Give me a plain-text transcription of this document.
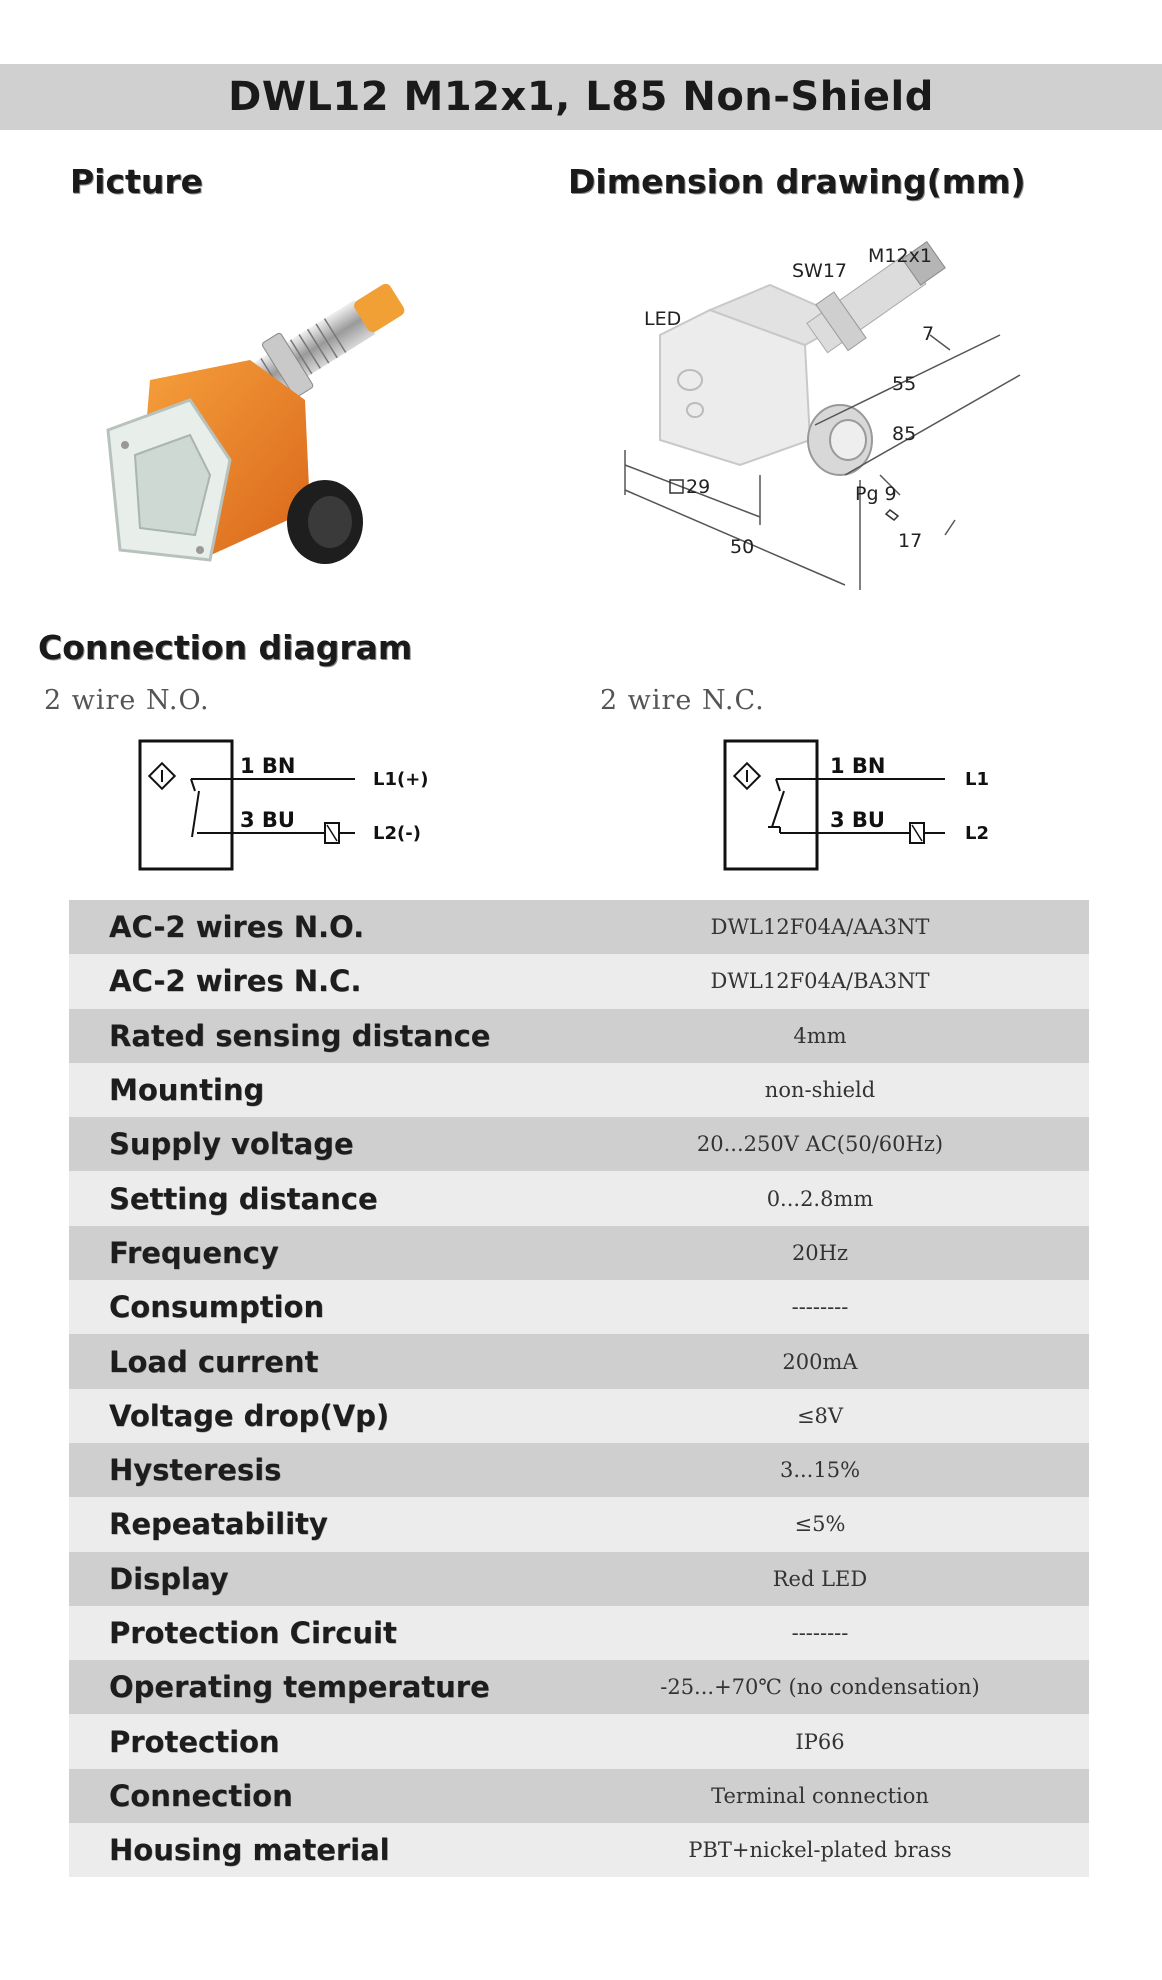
DWL12 M12x1, L85 Non-Shield
Picture	Dimension drawing(mm)
SW17
M12x1
LED
7
55
85
29	Pg 9
17
50
Connection diagram
2 wire N.O.	2 wire N.C.
1 BN
3 BU
L1(+)
L2(-)
1 BN
3 BU
L1
L2
AC-2 wires N.O.	DWL12F04A/AA3NT
AC-2 wires N.C.	DWL12F04A/BA3NT
Rated sensing distance	4mm
Mounting	non-shield
Supply voltage	20...250V AC(50/60Hz)
Setting distance	0...2.8mm
Frequency	20Hz
Consumption	--------
Load current	200mA
Voltage drop(Vp)	≤8V
Hysteresis	3...15%
Repeatability	≤5%
Display	Red LED
Protection Circuit	--------
Operating temperature	-25...+70℃ (no condensation)
Protection	IP66
Connection	Terminal connection
Housing material	PBT+nickel-plated brass
